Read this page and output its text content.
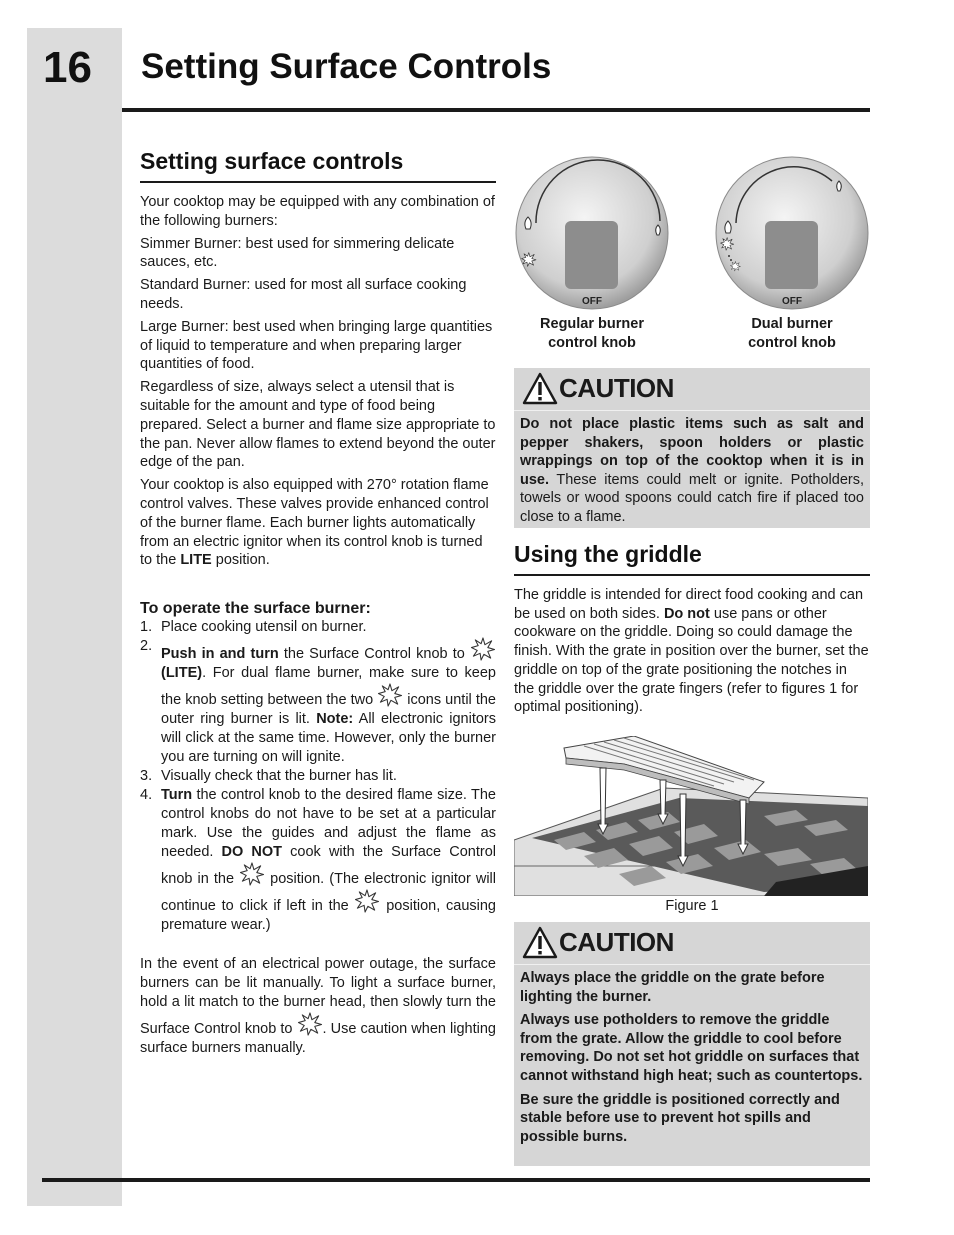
16 Setting Surface Controls
Setting surface controls

Your cooktop may be equipped with any combination of the following burners:

Simmer Burner: best used for simmering delicate sauces, etc.

Standard Burner: used for most all surface cooking needs.

Large Burner: best used when bringing large quantities of liquid to temperature and when preparing larger quantities of food.

Regardless of size, always select a utensil that is suitable for the amount and type of food being prepared. Select a burner and flame size appropriate to the pan. Never allow flames to extend beyond the outer edge of the pan.

Your cooktop is also equipped with 270° rotation flame control valves. These valves provide enhanced control of the burner flame. Each burner lights automatically from an electric ignitor when its control knob is turned to the LITE position.

To operate the surface burner:
1. Place cooking utensil on burner.
2. Push in and turn the Surface Control knob to
(LITE). For dual flame burner, make sure to keep the knob setting between the two
icons until the outer ring burner is lit. Note: All electronic ignitors will click at the same time. However, only the burner you are turning on will ignite.
3. Visually check that the burner has lit.
4. Turn the control knob to the desired flame size. The control knobs do not have to be set at a particular mark. Use the guides and adjust the flame as needed. DO NOT cook with the Surface Control knob in the
position. (The electronic ignitor will continue to click if left in the
position, causing premature wear.)

In the event of an electrical power outage, the surface burners can be lit manually. To light a surface burner, hold a lit match to the burner head, then slowly turn the Surface Control knob to
. Use caution when lighting surface burners manually.

OFF
Regular burner
control knob
OFF
Dual burner
control knob
CAUTION

Do not place plastic items such as salt and pepper shakers, spoon holders or plastic wrappings on top of the cooktop when it is in use. These items could melt or ignite. Potholders, towels or wood spoons could catch fire if placed too close to a flame.

Using the griddle

The griddle is intended for direct food cooking and can be used on both sides. Do not use pans or other cookware on the griddle. Doing so could damage the finish. With the grate in position over the burner, set the griddle on top of the grate positioning the notches in the griddle over the grate fingers (refer to figures 1 for optimal positioning).

Figure 1
CAUTION

Always place the griddle on the grate before lighting the burner.

Always use potholders to remove the griddle from the grate. Allow the griddle to cool before removing. Do not set hot griddle on surfaces that cannot withstand high heat; such as countertops.

Be sure the griddle is positioned correctly and stable before use to prevent hot spills and possible burns.
